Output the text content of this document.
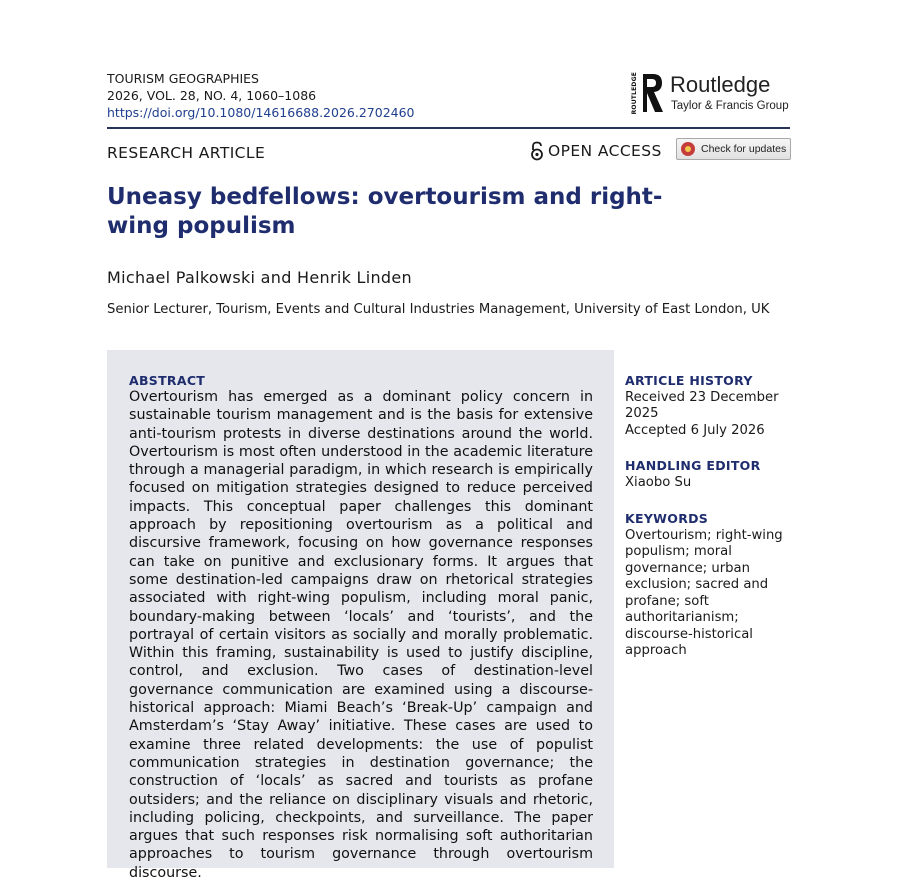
TOURISM GEOGRAPHIES
2026, VOL. 28, NO. 4, 1060–1086
https://doi.org/10.1080/14616688.2026.2702460	ROUTLEDGE Routledge
Taylor & Francis Group
RESEARCH ARTICLE	OPEN ACCESS	Check for updates
Uneasy bedfellows: overtourism and right-wing populism
Michael Palkowski and Henrik Linden
Senior Lecturer, Tourism, Events and Cultural Industries Management, University of East London, UK
ABSTRACT
Overtourism has emerged as a dominant policy concern in sustainable tourism management and is the basis for extensive anti-tourism protests in diverse destinations around the world. Overtourism is most often understood in the academic literature through a managerial paradigm, in which research is empirically focused on mitigation strategies designed to reduce perceived impacts. This conceptual paper challenges this dominant approach by repositioning overtourism as a political and discursive framework, focusing on how governance responses can take on punitive and exclusionary forms. It argues that some destination-led campaigns draw on rhetorical strategies associated with right-wing populism, including moral panic, boundary-making between ‘locals’ and ‘tourists’, and the portrayal of certain visitors as socially and morally problematic. Within this framing, sustainability is used to justify discipline, control, and exclusion. Two cases of destination-level governance communication are examined using a discourse-historical approach: Miami Beach’s ‘Break-Up’ campaign and Amsterdam’s ‘Stay Away’ initiative. These cases are used to examine three related developments: the use of populist communication strategies in destination governance; the construction of ‘locals’ as sacred and tourists as profane outsiders; and the reliance on disciplinary visuals and rhetoric, including policing, checkpoints, and surveillance. The paper argues that such responses risk normalising soft authoritarian approaches to tourism governance through overtourism discourse.
ARTICLE HISTORY
Received 23 December 2025
Accepted 6 July 2026
HANDLING EDITOR
Xiaobo Su
KEYWORDS
Overtourism; right-wing populism; moral governance; urban exclusion; sacred and profane; soft authoritarianism; discourse-historical approach
